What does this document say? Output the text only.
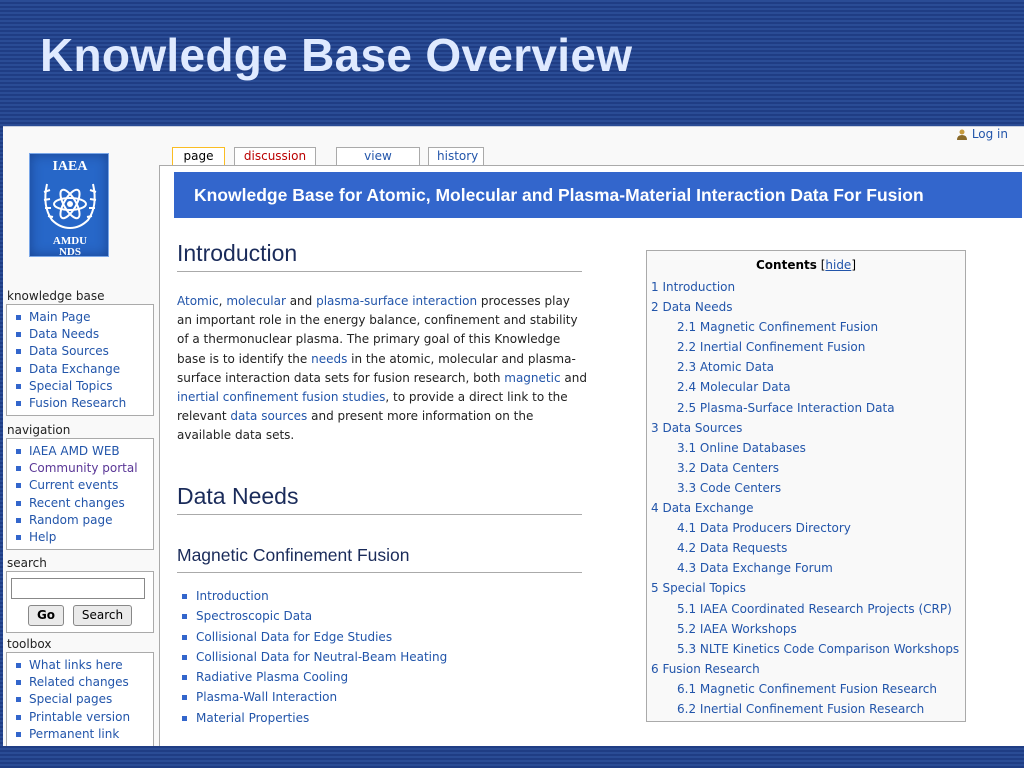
Knowledge Base Overview
IAEA
AMDU
NDS
Log in
page	discussion	view	history
Knowledge Base for Atomic, Molecular and Plasma-Material Interaction Data For Fusion
Introduction
Atomic, molecular and plasma-surface interaction processes play an important role in the energy balance, confinement and stability of a thermonuclear plasma. The primary goal of this Knowledge base is to identify the needs in the atomic, molecular and plasma-surface interaction data sets for fusion research, both magnetic and inertial confinement fusion studies, to provide a direct link to the relevant data sources and present more information on the available data sets.
Data Needs
Magnetic Confinement Fusion
Introduction
Spectroscopic Data
Collisional Data for Edge Studies
Collisional Data for Neutral-Beam Heating
Radiative Plasma Cooling
Plasma-Wall Interaction
Material Properties
Contents [hide]
1 Introduction
2 Data Needs
2.1 Magnetic Confinement Fusion
2.2 Inertial Confinement Fusion
2.3 Atomic Data
2.4 Molecular Data
2.5 Plasma-Surface Interaction Data
3 Data Sources
3.1 Online Databases
3.2 Data Centers
3.3 Code Centers
4 Data Exchange
4.1 Data Producers Directory
4.2 Data Requests
4.3 Data Exchange Forum
5 Special Topics
5.1 IAEA Coordinated Research Projects (CRP)
5.2 IAEA Workshops
5.3 NLTE Kinetics Code Comparison Workshops
6 Fusion Research
6.1 Magnetic Confinement Fusion Research
6.2 Inertial Confinement Fusion Research
knowledge base
Main Page
Data Needs
Data Sources
Data Exchange
Special Topics
Fusion Research
navigation
IAEA AMD WEB
Community portal
Current events
Recent changes
Random page
Help
search
Go	Search
toolbox
What links here
Related changes
Special pages
Printable version
Permanent link
